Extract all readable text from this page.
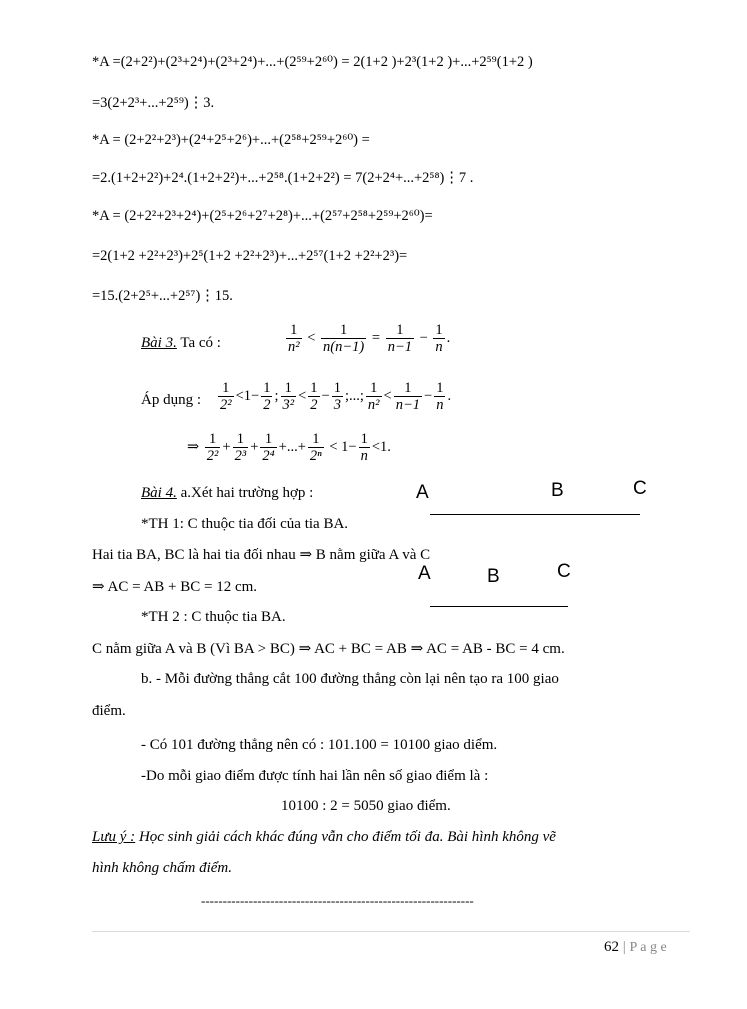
*A =(2+2²)+(2³+2⁴)+(2³+2⁴)+...+(2⁵⁹+2⁶⁰) = 2(1+2 )+2³(1+2 )+...+2⁵⁹(1+2 )
=3(2+2³+...+2⁵⁹)⋮3.
*A = (2+2²+2³)+(2⁴+2⁵+2⁶)+...+(2⁵⁸+2⁵⁹+2⁶⁰) =
=2.(1+2+2²)+2⁴.(1+2+2²)+...+2⁵⁸.(1+2+2²) = 7(2+2⁴+...+2⁵⁸)⋮7 .
*A = (2+2²+2³+2⁴)+(2⁵+2⁶+2⁷+2⁸)+...+(2⁵⁷+2⁵⁸+2⁵⁹+2⁶⁰)=
=2(1+2 +2²+2³)+2⁵(1+2 +2²+2³)+...+2⁵⁷(1+2 +2²+2³)=
=15.(2+2⁵+...+2⁵⁷)⋮15.
Bài 3. Ta có :	$\frac{1}{\text{n²}} < \frac{1}{n(n-1)} = \frac{1}{n-1} - \frac{1}{n}$ .
Áp dụng : $\frac{1}{\text{2²}} <1- \frac{1}{2}$ ; $\frac{1}{\text{3²}} < \frac{1}{2} - \frac{1}{3}$ ;...; $\frac{1}{\text{n²}} < \frac{1}{n-1} - \frac{1}{n}$ .
⇒ $\frac{1}{\text{2²}} + \frac{1}{\text{2³}} + \frac{1}{\text{2⁴}}$ +...+ $\frac{1}{\text{2ⁿ}} < 1- \frac{1}{n} <1$.
Bài 4. a.Xét hai trường hợp :
*TH 1: C thuộc tia đối của tia BA.
Hai tia BA, BC là hai tia đối nhau ⇒ B nằm giữa A và C
⇒ AC = AB + BC = 12 cm.
*TH 2 : C thuộc tia BA.
C nằm giữa A và B (Vì BA > BC) ⇒ AC + BC = AB ⇒ AC = AB - BC = 4 cm.
b. - Mỗi đường thẳng cắt 100 đường thẳng còn lại nên tạo ra 100 giao
điểm.
- Có 101 đường thẳng nên có : 101.100 = 10100 giao diểm.
-Do mỗi giao điểm được tính hai lần nên số giao điểm là :
10100 : 2 = 5050 giao điểm.
A	B	C
A	B	C
Lưu ý : Học sinh giải cách khác đúng vẫn cho điểm tối đa. Bài hình không vẽ
hình không chấm điểm.
---------------------------------------------------------------
62 | P a g e
